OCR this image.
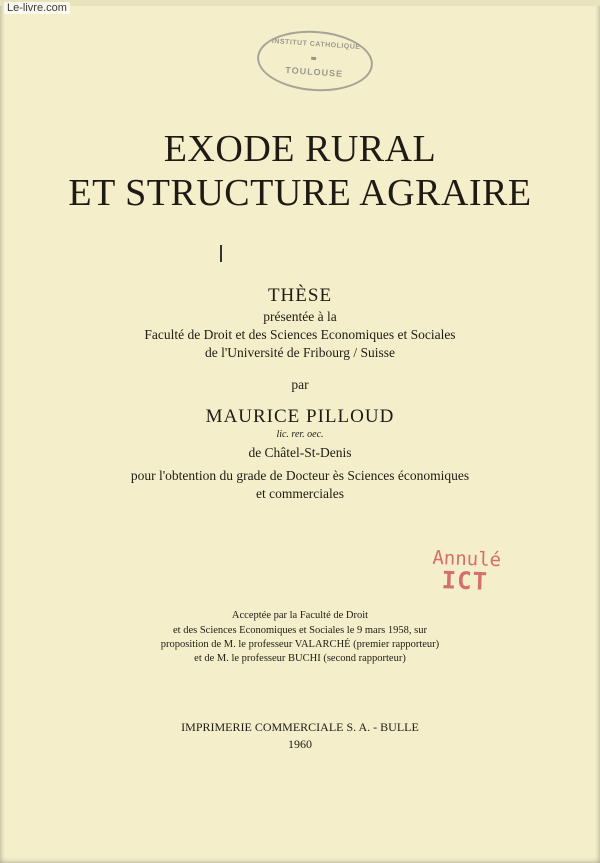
INSTITUT CATHOLIQUE
TOULOUSE
EXODE RURAL
ET STRUCTURE AGRAIRE
THÈSE
présentée à la
Faculté de Droit et des Sciences Economiques et Sociales
de l'Université de Fribourg / Suisse
par
MAURICE PILLOUD
lic. rer. oec.
de Châtel-St-Denis
pour l'obtention du grade de Docteur ès Sciences économiques
et commerciales
Annulé
ICT
Acceptée par la Faculté de Droit
et des Sciences Economiques et Sociales le 9 mars 1958, sur
proposition de M. le professeur VALARCHÉ (premier rapporteur)
et de M. le professeur BUCHI (second rapporteur)
IMPRIMERIE COMMERCIALE S. A. - BULLE
1960
Le-livre.com
